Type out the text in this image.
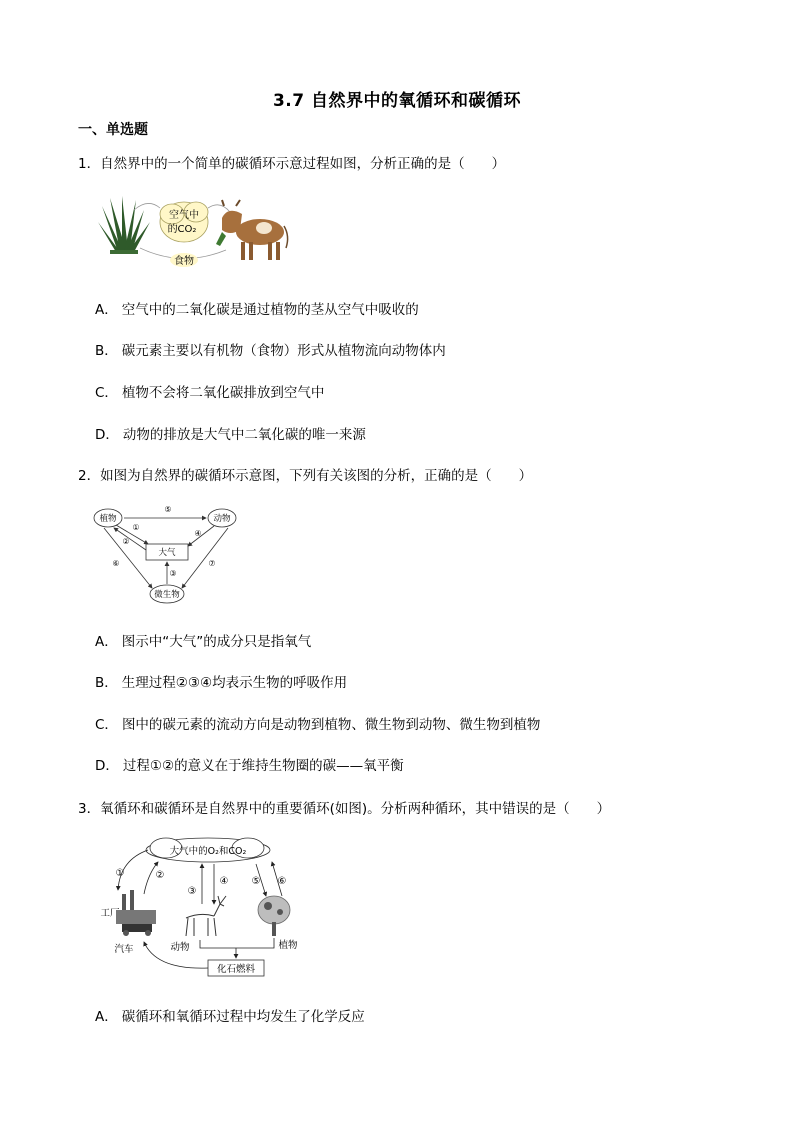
3.7 自然界中的氧循环和碳循环
一、单选题
1．自然界中的一个简单的碳循环示意过程如图，分析正确的是（　　）
空气中
的CO₂
食物
A． 空气中的二氧化碳是通过植物的茎从空气中吸收的
B． 碳元素主要以有机物（食物）形式从植物流向动物体内
C． 植物不会将二氧化碳排放到空气中
D． 动物的排放是大气中二氧化碳的唯一来源
2．如图为自然界的碳循环示意图，下列有关该图的分析，正确的是（　　）
植物	动物
大气
微生物
⑤
①
②
④
③
⑥	⑦
A． 图示中“大气”的成分只是指氧气
B． 生理过程②③④均表示生物的呼吸作用
C． 图中的碳元素的流动方向是动物到植物、微生物到动物、微生物到植物
D． 过程①②的意义在于维持生物圈的碳——氧平衡
3．氧循环和碳循环是自然界中的重要循环(如图)。分析两种循环，其中错误的是（　　）
大气中的O₂和CO₂
①	②
③
④ ⑤ ⑥
工厂
汽车	动物	植物
化石燃料
A． 碳循环和氧循环过程中均发生了化学反应
